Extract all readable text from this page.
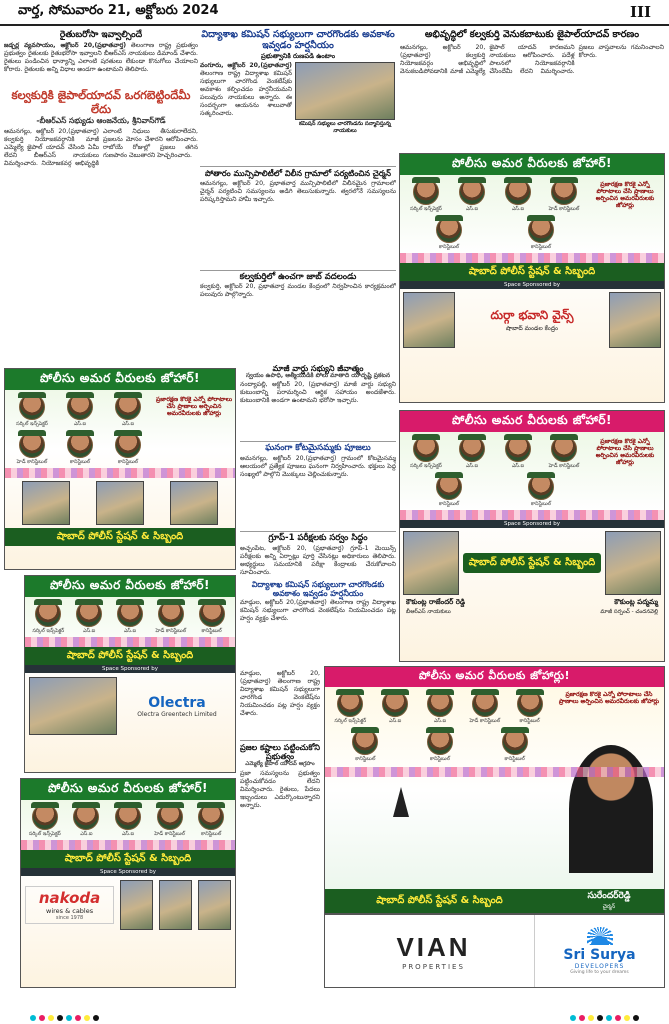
వార్త, సోమవారం 21, అక్టోబరు 2024	III
రైతుబరోసా ఇవ్వాల్సిందే
జడ్చర్ల వ్యవసాయం, అక్టోబర్ 20,(ప్రభాతవార్త) తెలంగాణ రాష్ట్ర ప్రభుత్వం ప్రభుత్వం రైతులకు రైతుభరోసా ఇవ్వాలని బీఆర్ఎస్ నాయకులు డిమాండ్ చేశారు. రైతులు పండించిన ధాన్యాన్ని ఎలాంటి షరతులు లేకుండా కొనుగోలు చేయాలని కోరారు. రైతులకు అన్ని విధాల అండగా ఉంటామని తెలిపారు.
కల్వకుర్తికి జైపాల్‌యాదవ్ ఒరగబెట్టిందేమీ లేదు
-బీఆర్ఎస్ సభ్యుడు ఆంజనేయ, శ్రీనివాస్‌గౌడ్
ఆమనగల్లు, అక్టోబర్ 20,(ప్రభాతవార్త) కల్వకుర్తి నియోజకవర్గానికి మాజీ ఎమ్మెల్యే జైపాల్ యాదవ్ చేసింది ఏమీ లేదని బీఆర్ఎస్ నాయకులు విమర్శించారు. నియోజకవర్గ అభివృద్ధికి ఎలాంటి నిధులు తీసుకురాలేదని, ప్రజలను మోసం చేశారని ఆరోపించారు. రాబోయే రోజుల్లో ప్రజలు తగిన గుణపాఠం చెబుతారని హెచ్చరించారు.
పోలీసు అమర వీరులకు జోహార్!
సర్కిల్ ఇన్స్‌పెక్టర్	ఎస్.ఐ	ఎస్.ఐ
హెడ్ కానిస్టేబుల్	కానిస్టేబుల్	కానిస్టేబుల్
ప్రజారక్షణ కొరకై ఎన్నో పోరాటాలు చేసి ప్రాణాలు అర్పించిన అమరవీరులకు జోహార్లు
షాబాద్ పోలీస్ స్టేషన్ & సిబ్బంది
పోలీసు అమర వీరులకు జోహార్!
సర్కిల్ ఇన్స్‌పెక్టర్	ఎస్.ఐ	ఎస్.ఐ	హెడ్ కానిస్టేబుల్	కానిస్టేబుల్
షాబాద్ పోలీస్ స్టేషన్ & సిబ్బంది
Space Sponsored by
Olectra
Olectra Greentech Limited
పోలీసు అమర వీరులకు జోహార్!
సర్కిల్ ఇన్స్‌పెక్టర్	ఎస్.ఐ	ఎస్.ఐ	హెడ్ కానిస్టేబుల్	కానిస్టేబుల్
షాబాద్ పోలీస్ స్టేషన్ & సిబ్బంది
Space Sponsored by
nakoda
wires & cables
since 1978
విద్యాశాఖ కమిషన్ సభ్యులుగా చారగొండకు అవకాశం ఇవ్వడం హర్షనీయం
ప్రభుత్వానికి రుణపడి ఉంటాం
వంగూరు, అక్టోబర్ 20,(ప్రభాతవార్త) తెలంగాణ రాష్ట్ర విద్యాశాఖ కమిషన్ సభ్యులుగా చారగొండ వెంకటేష్‌కు అవకాశం కల్పించడం హర్షనీయమని పలువురు నాయకులు అన్నారు. ఈ సందర్భంగా ఆయనను శాలువాతో సత్కరించారు.
కమిషన్ సభ్యులు చారగొండను సన్మానిస్తున్న నాయకులు
పోతారం మున్సిపాలిటీలో విలీన గ్రామాలో పర్యటించిన చైర్మన్
ఆమనగల్లు, అక్టోబర్ 20, ప్రభాతవార్త మున్సిపాలిటీలో విలీనమైన గ్రామాలలో చైర్మన్ పర్యటించి సమస్యలను అడిగి తెలుసుకున్నారు. త్వరలోనే సమస్యలను పరిష్కరిస్తామని హామీ ఇచ్చారు.
కల్వకుర్తిలో ఉంచగా జాబ్ వదలండు
కల్వకుర్తి, అక్టోబర్ 20, ప్రభాతవార్త మండల కేంద్రంలో నిర్వహించిన కార్యక్రమంలో పలువురు పాల్గొన్నారు.
అభివృద్ధిలో కల్వకుర్తి వెనుకబాటుకు జైపాల్‌యాదవ్ కారణం
ఆమనగల్లు, అక్టోబర్ 20, (ప్రభాతవార్త) కల్వకుర్తి నియోజకవర్గం అభివృద్ధిలో వెనుకబడిపోవడానికి మాజీ ఎమ్మెల్యే జైపాల్ యాదవ్ కారణమని నాయకులు ఆరోపించారు. పదేళ్ల పాలనలో నియోజకవర్గానికి చేసిందేమీ లేదని విమర్శించారు. ప్రజలు వాస్తవాలను గమనించాలని కోరారు.
పోలీసు అమర వీరులకు జోహార్!
సర్కిల్ ఇన్స్‌పెక్టర్	ఎస్.ఐ	ఎస్.ఐ	హెడ్ కానిస్టేబుల్
కానిస్టేబుల్	కానిస్టేబుల్
ప్రజారక్షణ కొరకై ఎన్నో పోరాటాలు చేసి ప్రాణాలు అర్పించిన అమరవీరులకు జోహార్లు
షాబాద్ పోలీస్ స్టేషన్ & సిబ్బంది
Space Sponsored by
దుర్గా భవాని వైన్స్
షాబాద్ మండల కేంద్రం
పోలీసు అమర వీరులకు జోహార్!
సర్కిల్ ఇన్స్‌పెక్టర్	ఎస్.ఐ	ఎస్.ఐ	హెడ్ కానిస్టేబుల్
కానిస్టేబుల్	కానిస్టేబుల్
ప్రజారక్షణ కొరకై ఎన్నో పోరాటాలు చేసి ప్రాణాలు అర్పించిన అమరవీరులకు జోహార్లు
Space Sponsored by
షాబాద్ పోలీస్ స్టేషన్ & సిబ్బంది
కౌకుంట్ల రాజేందర్ రెడ్డి
బీఆర్ఎస్ నాయకులు
కౌకుంట్ల పద్మమ్మ
మాజీ సర్పంచ్ - చందనవెల్లి
మాజీ వార్డు సభ్యుని జీవాత్మం
స్వయం ఉపాధి, ఆత్మీయుడికి పోలు మాతాది యాదృష్టి ప్రకటన
నంద్యాపల్లి, అక్టోబర్ 20, (ప్రభాతవార్త) మాజీ వార్డు సభ్యుని కుటుంబాన్ని పరామర్శించి ఆర్థిక సహాయం అందజేశారు. కుటుంబానికి అండగా ఉంటామని భరోసా ఇచ్చారు.
ఘనంగా కోటమైసమ్మకు పూజలు
అమనగల్లు, అక్టోబర్ 20,(ప్రభాతవార్త) గ్రామంలో కోటమైసమ్మ ఆలయంలో ప్రత్యేక పూజలు ఘనంగా నిర్వహించారు. భక్తులు పెద్ద సంఖ్యలో పాల్గొని మొక్కులు చెల్లించుకున్నారు.
గ్రూప్-1 పరీక్షలకు సర్వం సిద్ధం
అచ్చంపేట, అక్టోబర్ 20, (ప్రభాతవార్త) గ్రూప్-1 మెయిన్స్ పరీక్షలకు అన్ని ఏర్పాట్లు పూర్తి చేసినట్లు అధికారులు తెలిపారు. అభ్యర్థులు సమయానికి పరీక్షా కేంద్రాలకు చేరుకోవాలని సూచించారు.
విద్యాశాఖ కమిషన్ సభ్యులుగా చారగొండకు అవకాశం ఇవ్వడం హర్షనీయం
మాడ్గుల, అక్టోబర్ 20,(ప్రభాతవార్త) తెలంగాణ రాష్ట్ర విద్యాశాఖ కమిషన్ సభ్యులుగా చారగొండ వెంకటేష్‌ను నియమించడం పట్ల హర్షం వ్యక్తం చేశారు.
మాడ్గుల, అక్టోబర్ 20,(ప్రభాతవార్త) తెలంగాణ రాష్ట్ర విద్యాశాఖ కమిషన్ సభ్యులుగా చారగొండ వెంకటేష్‌ను నియమించడం పట్ల హర్షం వ్యక్తం చేశారు.
ప్రజల కష్టాలు పట్టించుకోని ప్రభుత్వం
ఎమ్మెల్యే జైపాల్ యాదవ్ ఆగ్రహం
ప్రజా సమస్యలను ప్రభుత్వం పట్టించుకోవడం లేదని విమర్శించారు. రైతులు, పేదలు ఇబ్బందులు ఎదుర్కొంటున్నారని అన్నారు.
పోలీసు అమర వీరులకు జోహార్లు!
సర్కిల్ ఇన్స్‌పెక్టర్	ఎస్.ఐ	ఎస్.ఐ	హెడ్ కానిస్టేబుల్	కానిస్టేబుల్
కానిస్టేబుల్	కానిస్టేబుల్	కానిస్టేబుల్
ప్రజారక్షణ కొరకై ఎన్నో పోరాటాలు చేసి ప్రాణాలు అర్పించిన అమరవీరులకు జోహార్లు
షాబాద్ పోలీస్ స్టేషన్ & సిబ్బంది	సురేందర్‌రెడ్డి
చైర్మన్
VIAN
PROPERTIES
Sri Surya
DEVELOPERS
Giving life to your dreams
